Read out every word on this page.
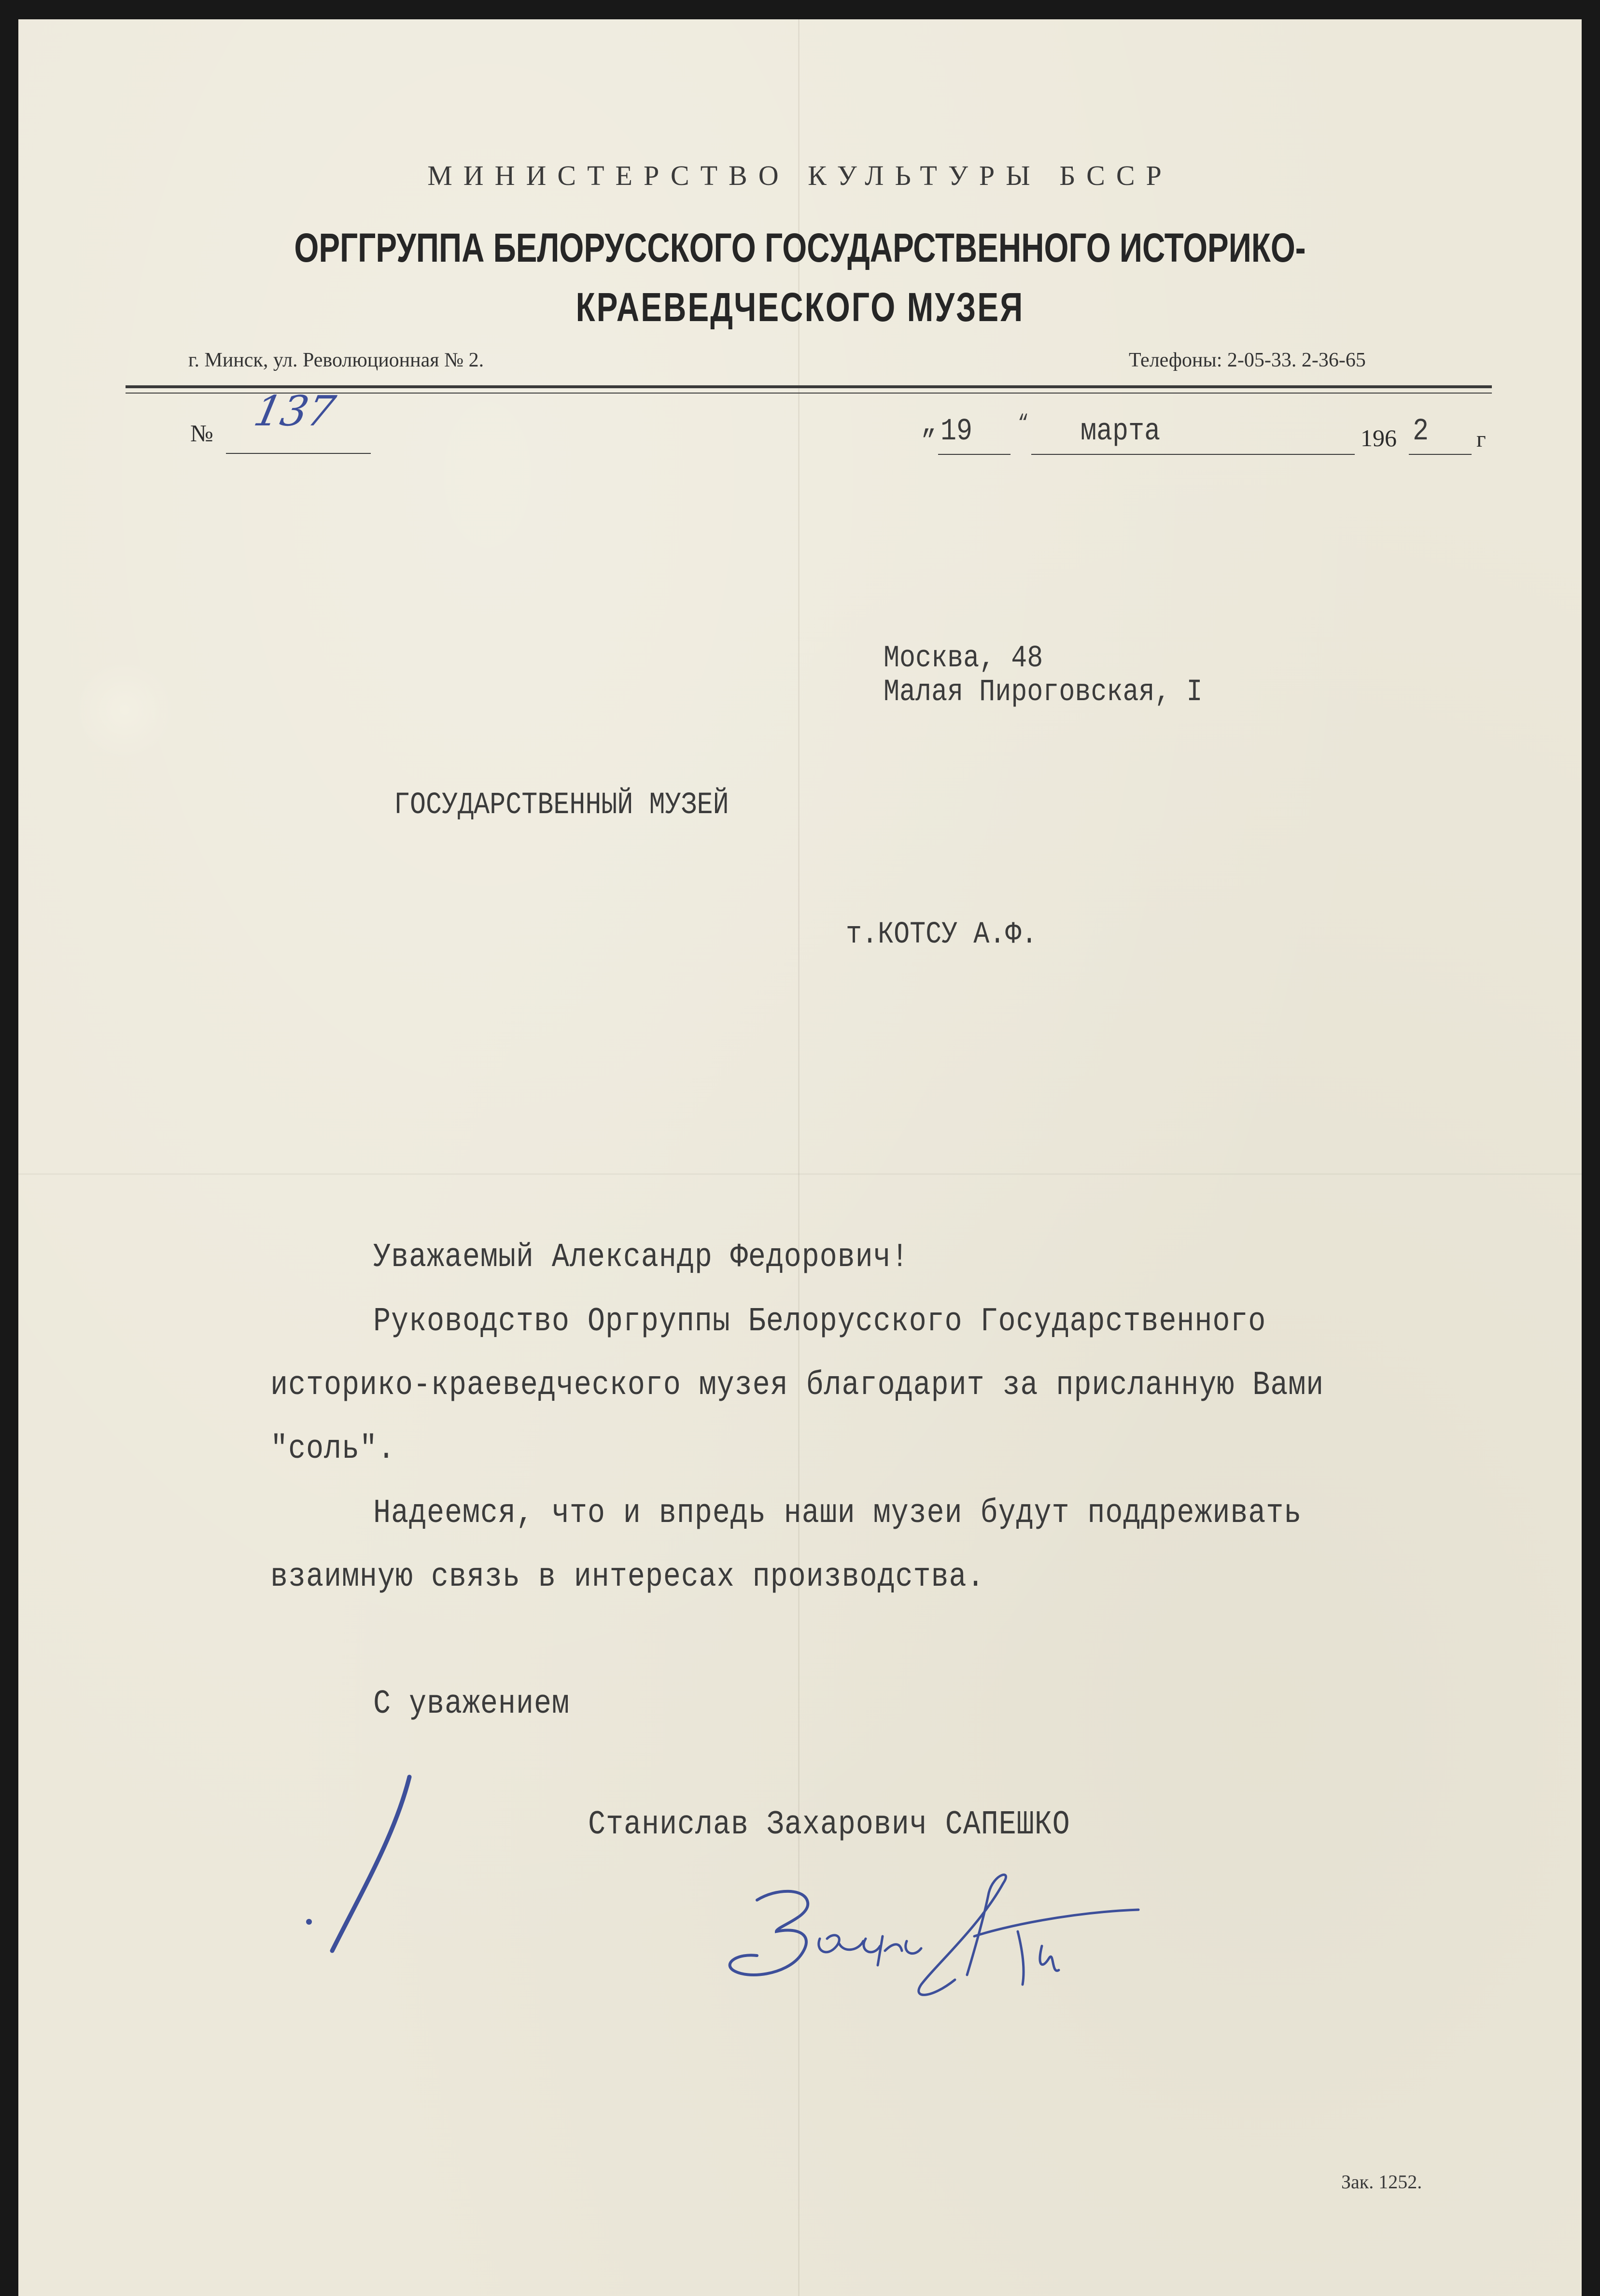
МИНИСТЕРСТВО КУЛЬТУРЫ БССР
ОРГГРУППА БЕЛОРУССКОГО ГОСУДАРСТВЕННОГО ИСТОРИКО-
КРАЕВЕДЧЕСКОГО МУЗЕЯ
г. Минск, ул. Революционная № 2.	Телефоны: 2-05-33. 2-36-65
№ 137	„ 19 “ марта	196 2 г
Москва, 48
Малая Пироговская, I
ГОСУДАРСТВЕННЫЙ МУЗЕЙ
т.КОТСУ А.Ф.
Уважаемый Александр Федорович!
Руководство Оргруппы Белорусского Государственного
историко-краеведческого музея благодарит за присланную Вами
"соль".
Надеемся, что и впредь наши музеи будут поддреживать
взаимную связь в интересах производства.
С уважением
Станислав Захарович САПЕШКО
Зак. 1252.
